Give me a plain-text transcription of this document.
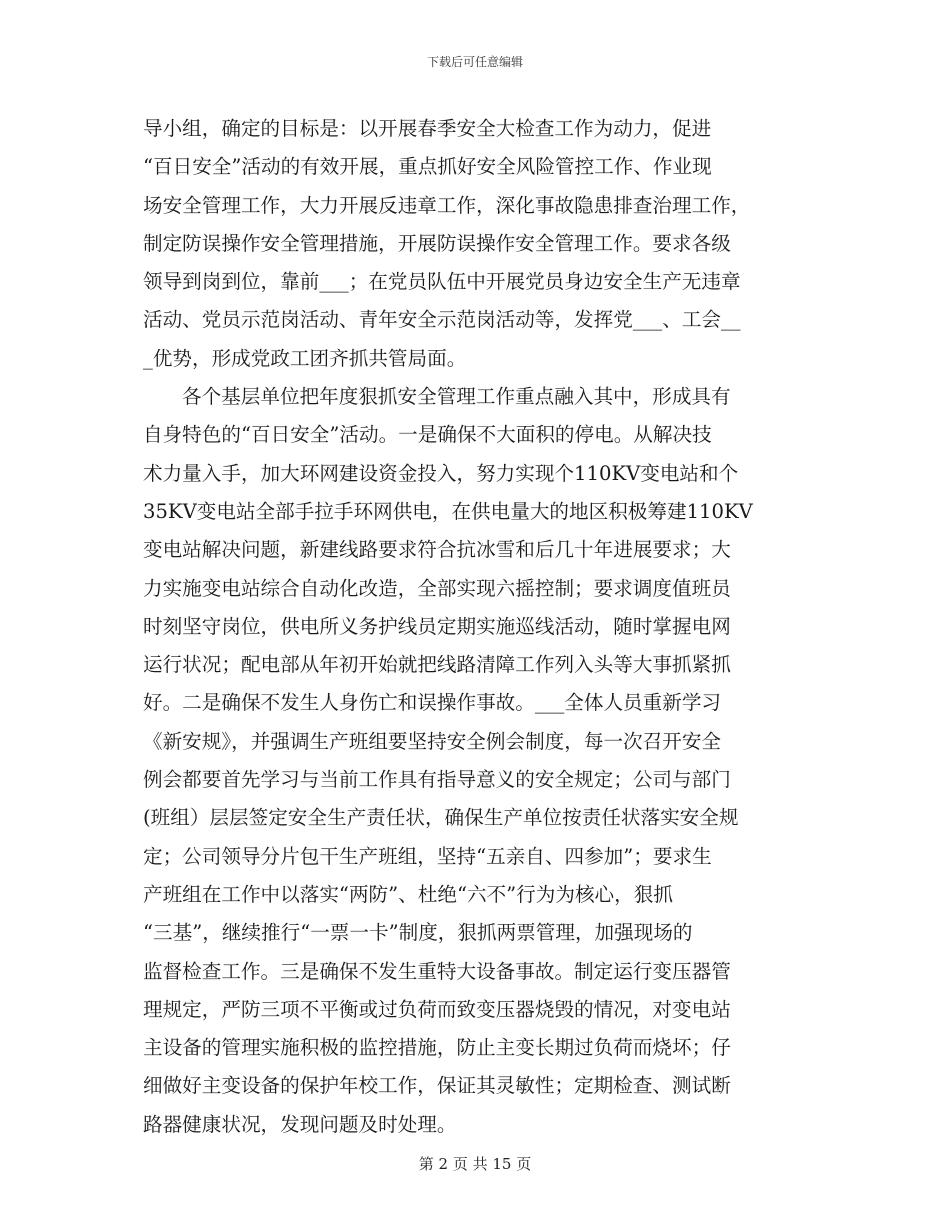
下载后可任意编辑
导小组，确定的目标是：以开展春季安全大检查工作为动力，促进
“百日安全”活动的有效开展，重点抓好安全风险管控工作、作业现
场安全管理工作，大力开展反违章工作，深化事故隐患排查治理工作，
制定防误操作安全管理措施，开展防误操作安全管理工作。要求各级
领导到岗到位，靠前___；在党员队伍中开展党员身边安全生产无违章
活动、党员示范岗活动、青年安全示范岗活动等，发挥党___、工会__
_优势，形成党政工团齐抓共管局面。
各个基层单位把年度狠抓安全管理工作重点融入其中，形成具有
自身特色的“百日安全”活动。一是确保不大面积的停电。从解决技
术力量入手，加大环网建设资金投入，努力实现个110KV变电站和个
35KV变电站全部手拉手环网供电，在供电量大的地区积极筹建110KV
变电站解决问题，新建线路要求符合抗冰雪和后几十年进展要求；大
力实施变电站综合自动化改造，全部实现六摇控制；要求调度值班员
时刻坚守岗位，供电所义务护线员定期实施巡线活动，随时掌握电网
运行状况；配电部从年初开始就把线路清障工作列入头等大事抓紧抓
好。二是确保不发生人身伤亡和误操作事故。___全体人员重新学习
《新安规》，并强调生产班组要坚持安全例会制度，每一次召开安全
例会都要首先学习与当前工作具有指导意义的安全规定；公司与部门
(班组）层层签定安全生产责任状，确保生产单位按责任状落实安全规
定；公司领导分片包干生产班组，坚持“五亲自、四参加”；要求生
产班组在工作中以落实“两防”、杜绝“六不”行为为核心，狠抓
“三基”，继续推行“一票一卡”制度，狠抓两票管理，加强现场的
监督检查工作。三是确保不发生重特大设备事故。制定运行变压器管
理规定，严防三项不平衡或过负荷而致变压器烧毁的情况，对变电站
主设备的管理实施积极的监控措施，防止主变长期过负荷而烧坏；仔
细做好主变设备的保护年校工作，保证其灵敏性；定期检查、测试断
路器健康状况，发现问题及时处理。
第 2 页 共 15 页
